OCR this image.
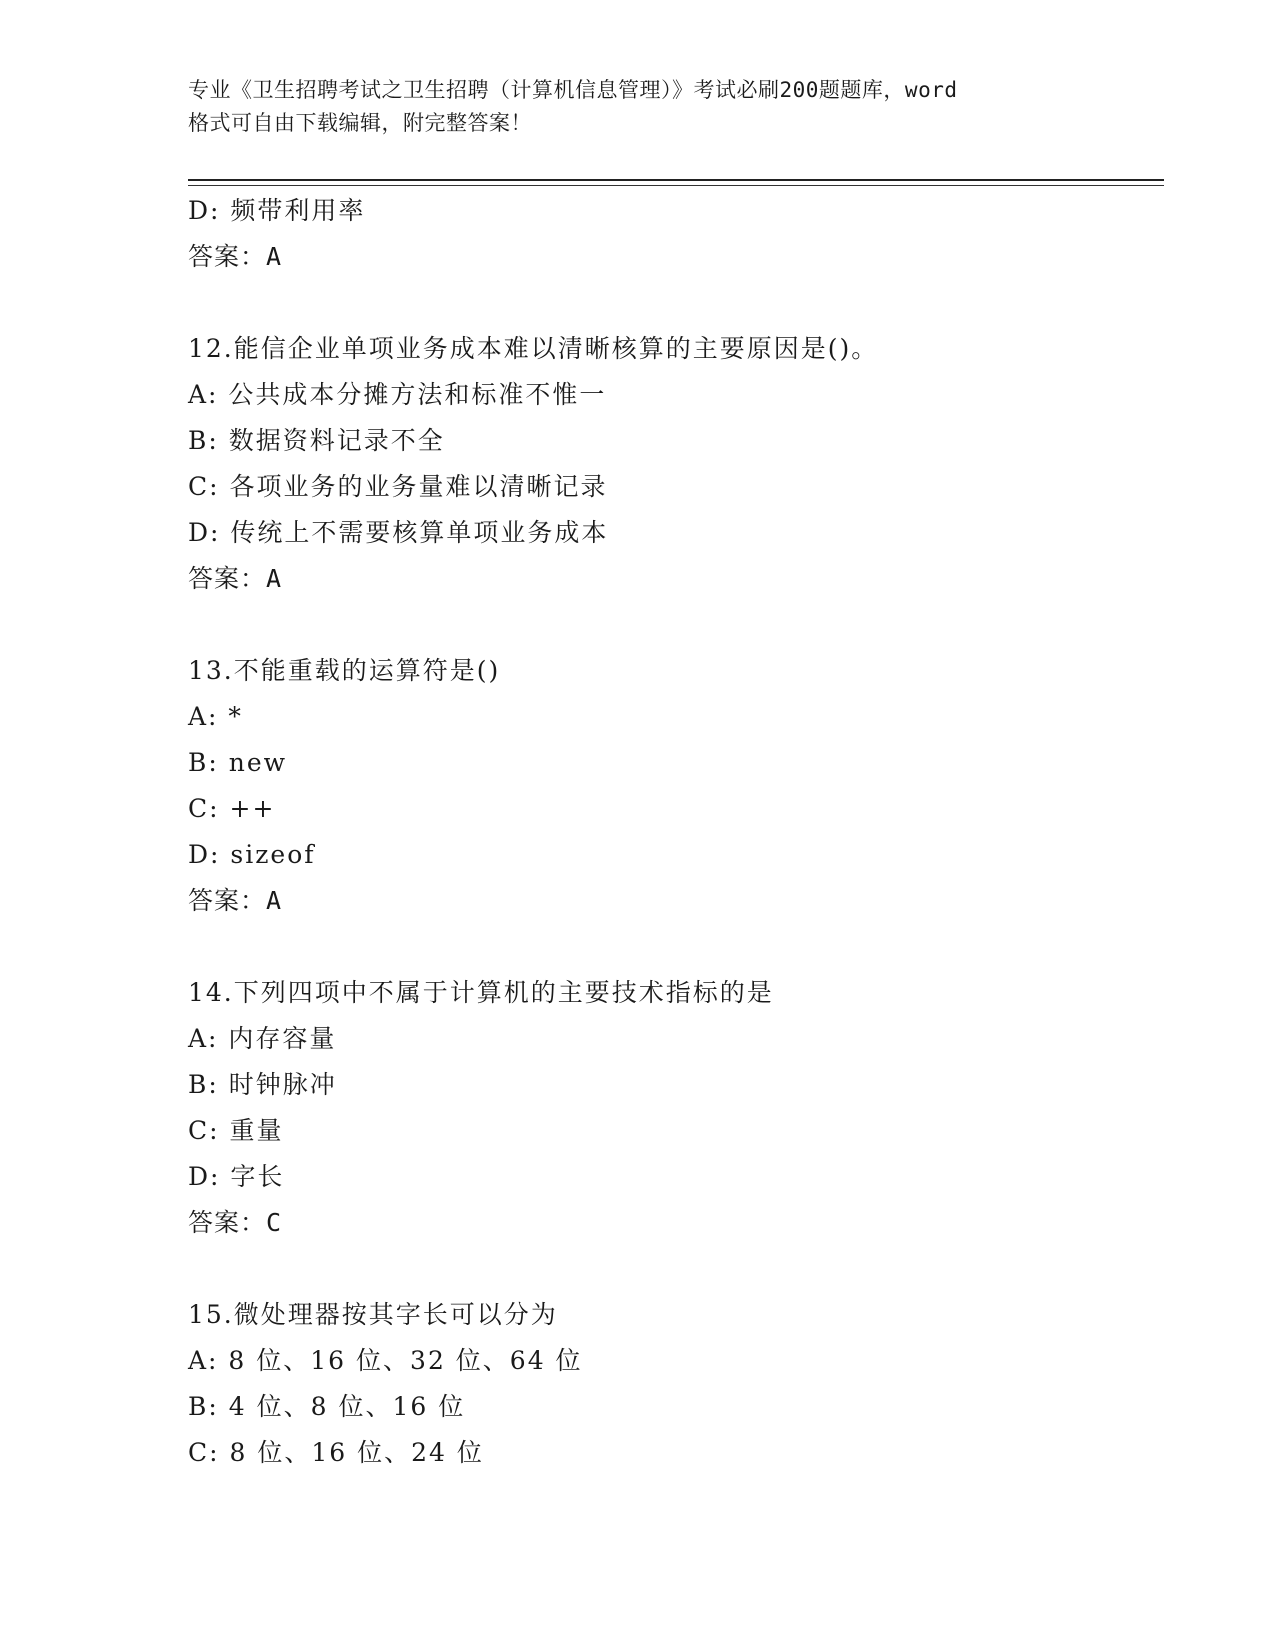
专业《卫生招聘考试之卫生招聘（计算机信息管理）》考试必刷200题题库，word
格式可自由下载编辑，附完整答案！
D: 频带利用率
答案：A
12.能信企业单项业务成本难以清晰核算的主要原因是()。
A: 公共成本分摊方法和标准不惟一
B: 数据资料记录不全
C: 各项业务的业务量难以清晰记录
D: 传统上不需要核算单项业务成本
答案：A
13.不能重载的运算符是()
A: *
B: new
C: ++
D: sizeof
答案：A
14.下列四项中不属于计算机的主要技术指标的是
A: 内存容量
B: 时钟脉冲
C: 重量
D: 字长
答案：C
15.微处理器按其字长可以分为
A: 8 位、16 位、32 位、64 位
B: 4 位、8 位、16 位
C: 8 位、16 位、24 位
